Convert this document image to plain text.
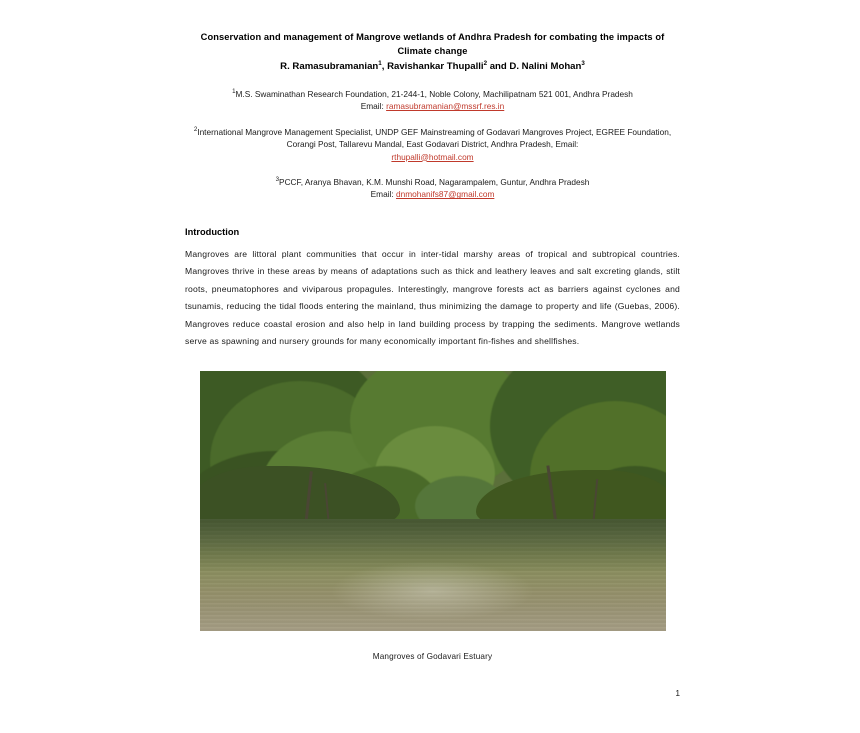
Conservation and management of Mangrove wetlands of Andhra Pradesh for combating the impacts of
Climate change
R. Ramasubramanian$^1$, Ravishankar Thupalli$^2$ and D. Nalini Mohan$^3$
$^1$M.S. Swaminathan Research Foundation, 21-244-1, Noble Colony, Machilipatnam 521 001, Andhra Pradesh
Email: ramasubramanian@mssrf.res.in
$^2$International Mangrove Management Specialist, UNDP GEF Mainstreaming of Godavari Mangroves Project, EGREE Foundation, Corangi Post, Tallarevu Mandal, East Godavari District, Andhra Pradesh, Email:
rthupalli@hotmail.com
$^3$PCCF, Aranya Bhavan, K.M. Munshi Road, Nagarampalem, Guntur, Andhra Pradesh
Email: dnmohanifs87@gmail.com
Introduction
Mangroves are littoral plant communities that occur in inter-tidal marshy areas of tropical and subtropical countries. Mangroves thrive in these areas by means of adaptations such as thick and leathery leaves and salt excreting glands, stilt roots, pneumatophores and viviparous propagules. Interestingly, mangrove forests act as barriers against cyclones and tsunamis, reducing the tidal floods entering the mainland, thus minimizing the damage to property and life (Guebas, 2006). Mangroves reduce coastal erosion and also help in land building process by trapping the sediments. Mangrove wetlands serve as spawning and nursery grounds for many economically important fin-fishes and shellfishes.
Mangroves of Godavari Estuary
1
